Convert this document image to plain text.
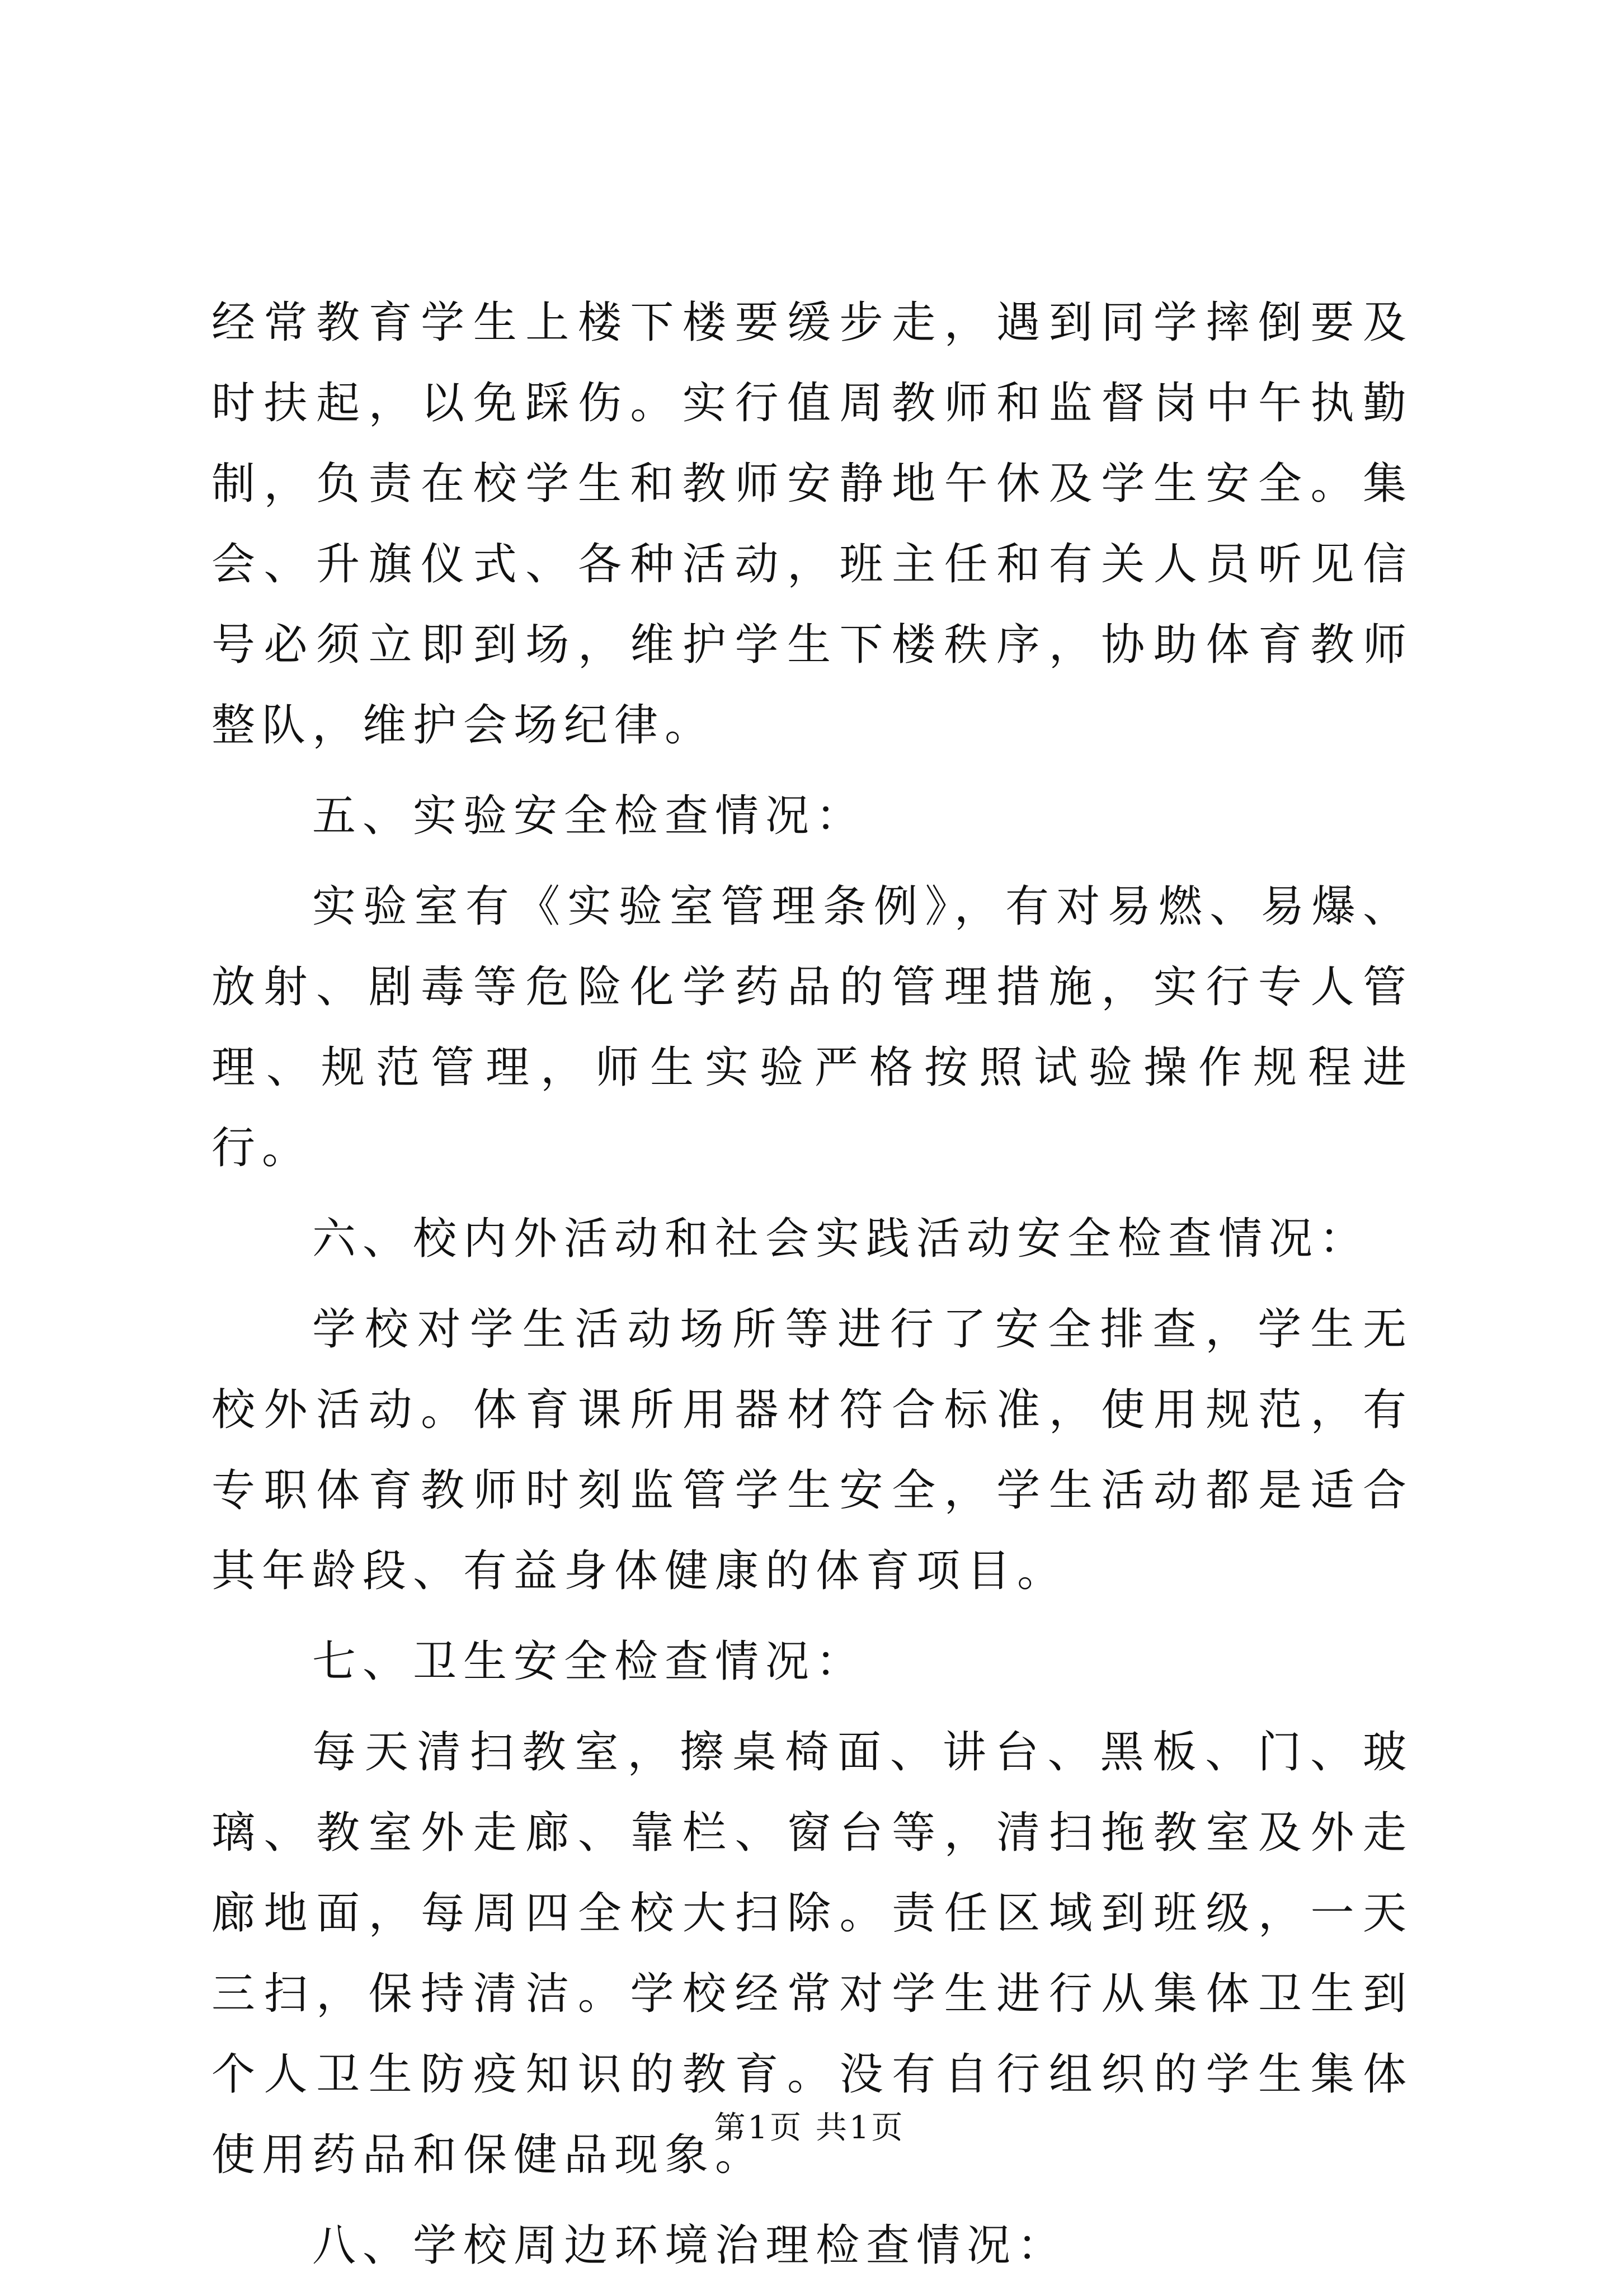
经常教育学生上楼下楼要缓步走，遇到同学摔倒要及时扶起，以免踩伤。实行值周教师和监督岗中午执勤制，负责在校学生和教师安静地午休及学生安全。集会、升旗仪式、各种活动，班主任和有关人员听见信号必须立即到场，维护学生下楼秩序，协助体育教师整队，维护会场纪律。

五、实验安全检查情况：

实验室有《实验室管理条例》，有对易燃、易爆、放射、剧毒等危险化学药品的管理措施，实行专人管理、规范管理，师生实验严格按照试验操作规程进行。

六、校内外活动和社会实践活动安全检查情况：

学校对学生活动场所等进行了安全排查，学生无校外活动。体育课所用器材符合标准，使用规范，有专职体育教师时刻监管学生安全，学生活动都是适合其年龄段、有益身体健康的体育项目。

七、卫生安全检查情况：

每天清扫教室，擦桌椅面、讲台、黑板、门、玻璃、教室外走廊、靠栏、窗台等，清扫拖教室及外走廊地面，每周四全校大扫除。责任区域到班级，一天三扫，保持清洁。学校经常对学生进行从集体卫生到个人卫生防疫知识的教育。没有自行组织的学生集体使用药品和保健品现象。

八、学校周边环境治理检查情况：

第1页 共1页
